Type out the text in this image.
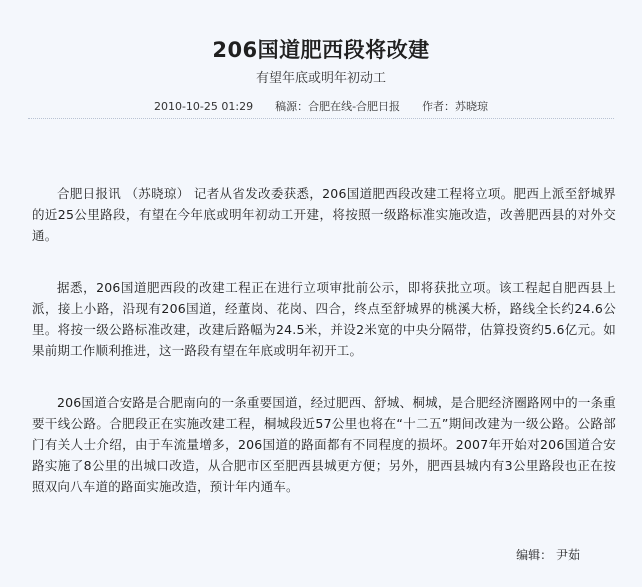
206国道肥西段将改建
有望年底或明年初动工
2010-10-25 01:29 稿源：合肥在线-合肥日报 作者：苏晓琼

合肥日报讯 （苏晓琼） 记者从省发改委获悉，206国道肥西段改建工程将立项。肥西上派至舒城界的近25公里路段，有望在今年底或明年初动工开建，将按照一级路标准实施改造，改善肥西县的对外交通。

据悉，206国道肥西段的改建工程正在进行立项审批前公示，即将获批立项。该工程起自肥西县上派，接上小路，沿现有206国道，经董岗、花岗、四合，终点至舒城界的桃溪大桥，路线全长约24.6公里。将按一级公路标准改建，改建后路幅为24.5米，并设2米宽的中央分隔带，估算投资约5.6亿元。如果前期工作顺利推进，这一路段有望在年底或明年初开工。

206国道合安路是合肥南向的一条重要国道，经过肥西、舒城、桐城，是合肥经济圈路网中的一条重要干线公路。合肥段正在实施改建工程，桐城段近57公里也将在“十二五”期间改建为一级公路。公路部门有关人士介绍，由于车流量增多，206国道的路面都有不同程度的损坏。2007年开始对206国道合安路实施了8公里的出城口改造，从合肥市区至肥西县城更方便；另外，肥西县城内有3公里路段也正在按照双向八车道的路面实施改造，预计年内通车。

编辑： 尹茹
